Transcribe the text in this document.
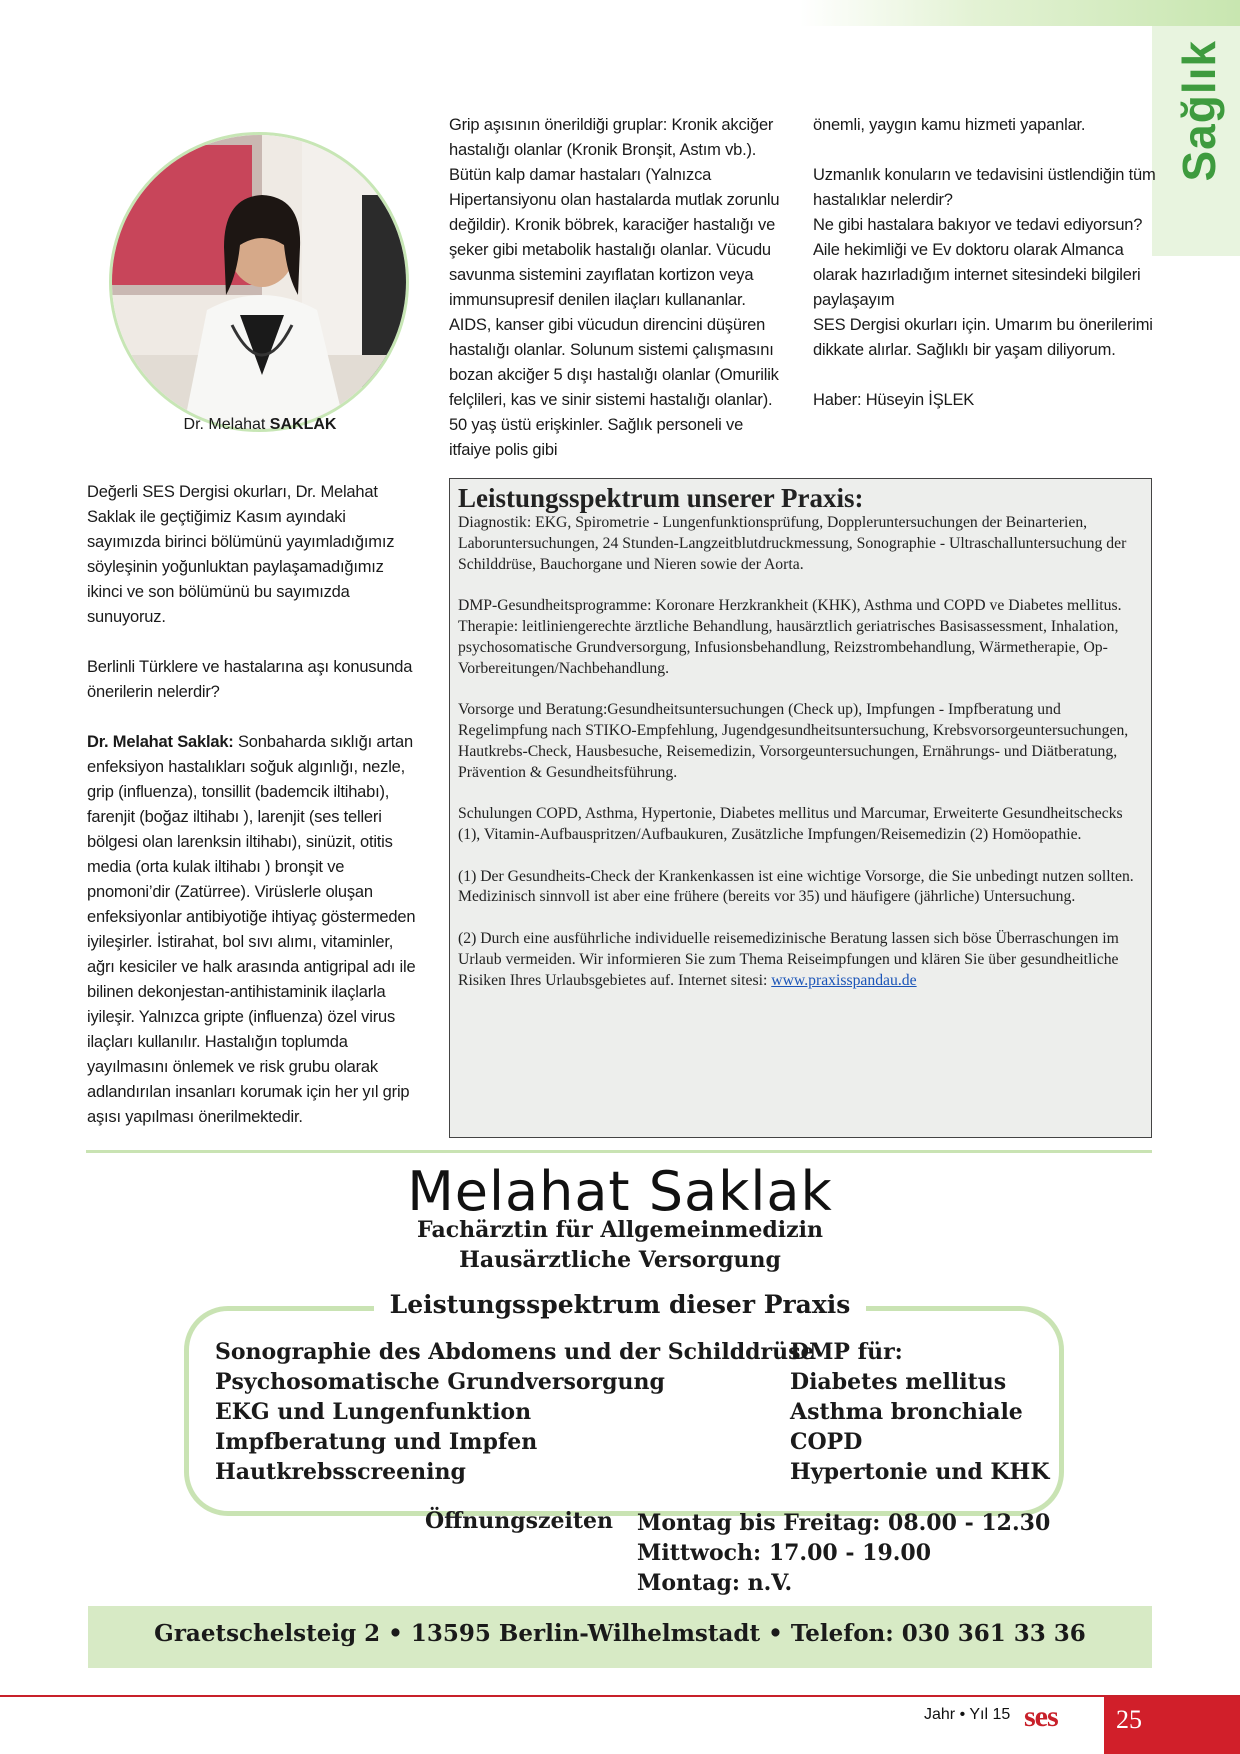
Sağlık
Dr. Melahat SAKLAK

Değerli SES Dergisi okurları, Dr. Melahat Saklak ile geçtiğimiz Kasım ayındaki sayımızda birinci bölümünü yayımladığımız söyleşinin yoğunluktan paylaşamadığımız ikinci ve son bölümünü bu sayımızda sunuyoruz.

Berlinli Türklere ve hastalarına aşı konusunda önerilerin nelerdir?

Dr. Melahat Saklak: Sonbaharda sıklığı artan enfeksiyon hastalıkları soğuk algınlığı, nezle, grip (influenza), tonsillit (bademcik iltihabı), farenjit (boğaz iltihabı ), larenjit (ses telleri bölgesi olan larenksin iltihabı), sinüzit, otitis media (orta kulak iltihabı ) bronşit ve pnomoni’dir (Zatürree). Virüslerle oluşan enfeksiyonlar antibiyotiğe ihtiyaç göstermeden iyileşirler. İstirahat, bol sıvı alımı, vitaminler, ağrı kesiciler ve halk arasında antigripal adı ile bilinen dekonjestan-antihistaminik ilaçlarla iyileşir. Yalnızca gripte (influenza) özel virus ilaçları kullanılır. Hastalığın toplumda yayılmasını önlemek ve risk grubu olarak adlandırılan insanları korumak için her yıl grip aşısı yapılması önerilmektedir.

Grip aşısının önerildiği gruplar: Kronik akciğer hastalığı olanlar (Kronik Bronşit, Astım vb.). Bütün kalp damar hastaları (Yalnızca Hipertansiyonu olan hastalarda mutlak zorunlu değildir). Kronik böbrek, karaciğer hastalığı ve şeker gibi metabolik hastalığı olanlar. Vücudu savunma sistemini zayıflatan kortizon veya immunsupresif denilen ilaçları kullananlar. AIDS, kanser gibi vücudun direncini düşüren hastalığı olanlar. Solunum sistemi çalışmasını bozan akciğer 5 dışı hastalığı olanlar (Omurilik felçlileri, kas ve sinir sistemi hastalığı olanlar). 50 yaş üstü erişkinler. Sağlık personeli ve itfaiye polis gibi

önemli, yaygın kamu hizmeti yapanlar.

Uzmanlık konuların ve tedavisini üstlendiğin tüm hastalıklar nelerdir?

Ne gibi hastalara bakıyor ve tedavi ediyorsun?

Aile hekimliği ve Ev doktoru olarak Almanca olarak hazırladığım internet sitesindeki bilgileri paylaşayım

SES Dergisi okurları için. Umarım bu önerilerimi dikkate alırlar. Sağlıklı bir yaşam diliyorum.

Haber: Hüseyin İŞLEK

Leistungsspektrum unserer Praxis:

Diagnostik: EKG, Spirometrie - Lungenfunktionsprüfung, Doppleruntersuchungen der Beinarterien, Laboruntersuchungen, 24 Stunden-Langzeitblutdruckmessung, Sonographie - Ultraschalluntersuchung der Schilddrüse, Bauchorgane und Nieren sowie der Aorta.

DMP-Gesundheitsprogramme: Koronare Herzkrankheit (KHK), Asthma und COPD ve Diabetes mellitus.

Therapie: leitliniengerechte ärztliche Behandlung, hausärztlich geriatrisches Basisassessment, Inhalation, psychosomatische Grundversorgung, Infusionsbehandlung, Reizstrombehandlung, Wärmetherapie, Op-Vorbereitungen/Nachbehandlung.

Vorsorge und Beratung:Gesundheitsuntersuchungen (Check up), Impfungen - Impfberatung und Regelimpfung nach STIKO-Empfehlung, Jugendgesundheitsuntersuchung, Krebsvorsorgeuntersuchungen, Hautkrebs-Check, Hausbesuche, Reisemedizin, Vorsorgeuntersuchungen, Ernährungs- und Diätberatung, Prävention & Gesundheitsführung.

Schulungen COPD, Asthma, Hypertonie, Diabetes mellitus und Marcumar, Erweiterte Gesundheitschecks (1), Vitamin-Aufbauspritzen/Aufbaukuren, Zusätzliche Impfungen/Reisemedizin (2) Homöopathie.

(1) Der Gesundheits-Check der Krankenkassen ist eine wichtige Vorsorge, die Sie unbedingt nutzen sollten. Medizinisch sinnvoll ist aber eine frühere (bereits vor 35) und häufigere (jährliche) Untersuchung.

(2) Durch eine ausführliche individuelle reisemedizinische Beratung lassen sich böse Überraschungen im Urlaub vermeiden. Wir informieren Sie zum Thema Reiseimpfungen und klären Sie über gesundheitliche Risiken Ihres Urlaubsgebietes auf. Internet sitesi: www.praxisspandau.de

Melahat Saklak
Fachärztin für Allgemeinmedizin
Hausärztliche Versorgung
Leistungsspektrum dieser Praxis
Sonographie des Abdomens und der Schilddrüse
Psychosomatische Grundversorgung
EKG und Lungenfunktion
Impfberatung und Impfen
Hautkrebsscreening
DMP für:
Diabetes mellitus
Asthma bronchiale
COPD
Hypertonie und KHK
Öffnungszeiten Montag bis Freitag: 08.00 - 12.30
Mittwoch: 17.00 - 19.00
Montag: n.V.
Graetschelsteig 2 • 13595 Berlin-Wilhelmstadt • Telefon: 030 361 33 36
Jahr • Yıl 15 ses	25
